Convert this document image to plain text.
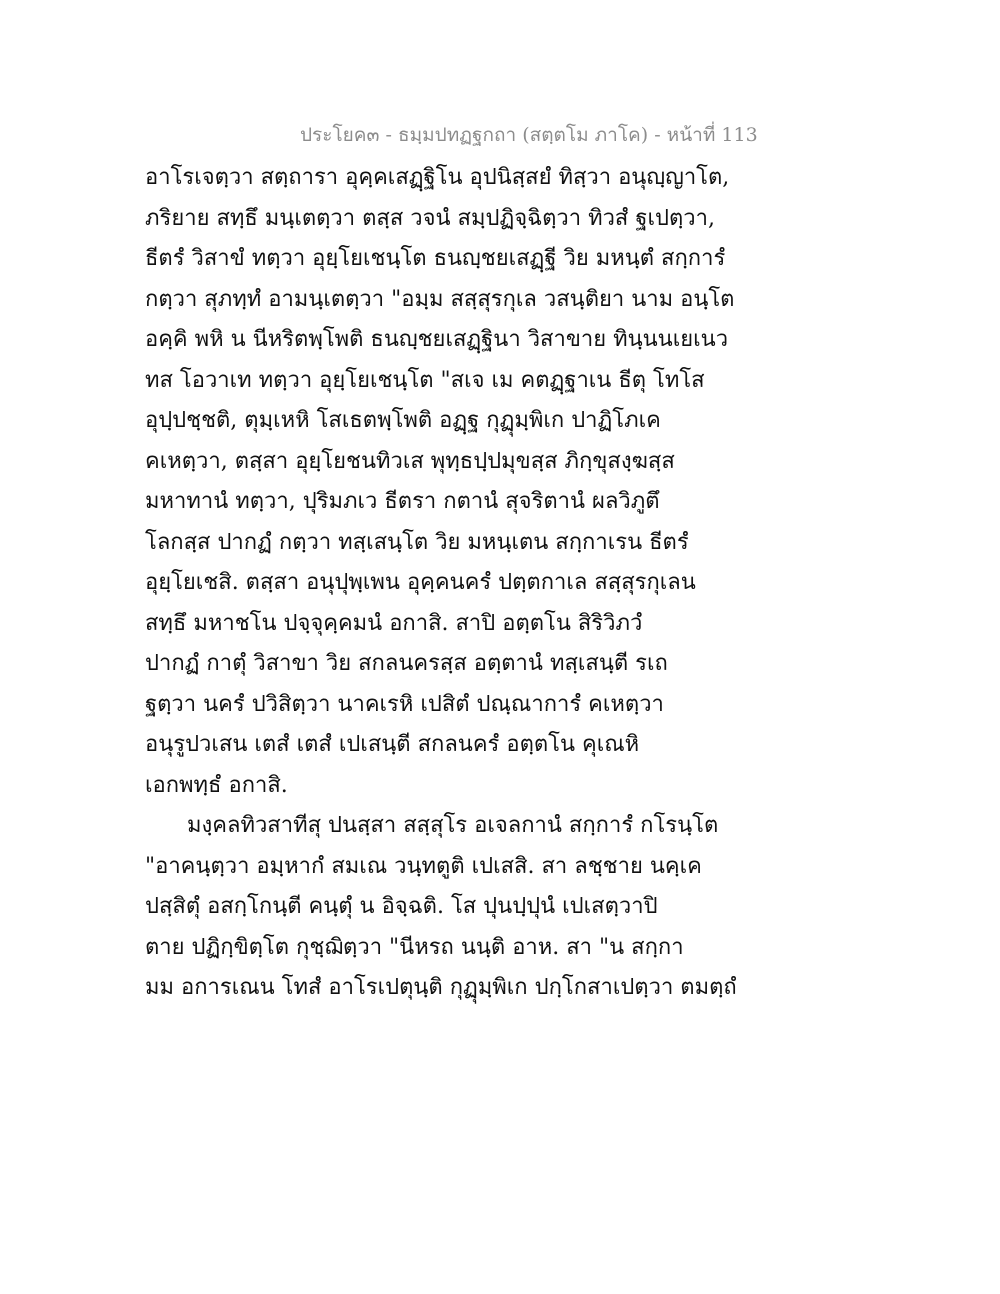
ประโยค๓ - ธมฺมปทฏฐกถา (สตฺตโม ภาโค) - หน้าที่ 113
อาโรเจตฺวา สตฺถารา อุคฺคเสฏฺฐิโน อุปนิสฺสยํ ทิสฺวา อนุญฺญาโต,
ภริยาย สทฺธึ มนฺเตตฺวา ตสฺส วจนํ สมฺปฏิจฺฉิตฺวา ทิวสํ ฐเปตฺวา,
ธีตรํ วิสาขํ ทตฺวา อุยฺโยเชนฺโต ธนญฺชยเสฏฺฐี วิย มหนฺตํ สกฺการํ
กตฺวา สุภทฺทํ อามนฺเตตฺวา "อมฺม สสฺสุรกุเล วสนฺติยา นาม อนฺโต
อคฺคิ พหิ น นีหริตพฺโพติ ธนญฺชยเสฏฺฐินา วิสาขาย ทินฺนนเยเนว
ทส โอวาเท ทตฺวา อุยฺโยเชนฺโต "สเจ เม คตฏฺฐาเน ธีตุ โทโส
อุปฺปชฺชติ, ตุมฺเหหิ โสเธตพฺโพติ อฏฺฐ กุฏุมฺพิเก ปาฏิโภเค
คเหตฺวา, ตสฺสา อุยฺโยชนทิวเส พุทฺธปฺปมุขสฺส ภิกฺขุสงฺฆสฺส
มหาทานํ ทตฺวา, ปุริมภเว ธีตรา กตานํ สุจริตานํ ผลวิภูตึ
โลกสฺส ปากฏํ กตฺวา ทสฺเสนฺโต วิย มหนฺเตน สกฺกาเรน ธีตรํ
อุยฺโยเชสิ. ตสฺสา อนุปุพฺเพน อุคฺคนครํ ปตฺตกาเล สสฺสุรกุเลน
สทฺธึ มหาชโน ปจฺจุคฺคมนํ อกาสิ. สาปิ อตฺตโน สิริวิภวํ
ปากฏํ กาตุํ วิสาขา วิย สกลนครสฺส อตฺตานํ ทสฺเสนฺตี รเถ
ฐตฺวา นครํ ปวิสิตฺวา นาคเรหิ เปสิตํ ปณฺณาการํ คเหตฺวา
อนุรูปวเสน เตสํ เตสํ เปเสนฺตี สกลนครํ อตฺตโน คุเณหิ
เอกพทฺธํ อกาสิ.
มงฺคลทิวสาทีสุ ปนสฺสา สสฺสุโร อเจลกานํ สกฺการํ กโรนฺโต
"อาคนฺตฺวา อมฺหากํ สมเณ วนฺทตูติ เปเสสิ. สา ลชฺชาย นคฺเค
ปสฺสิตุํ อสกฺโกนฺตี คนฺตุํ น อิจฺฉติ. โส ปุนปฺปุนํ เปเสตฺวาปิ
ตาย ปฏิกฺขิตฺโต กุชฺฌิตฺวา "นีหรถ นนฺติ อาห. สา "น สกฺกา
มม อการเณน โทสํ อาโรเปตุนฺติ กุฏุมฺพิเก ปกฺโกสาเปตฺวา ตมตฺถํ
